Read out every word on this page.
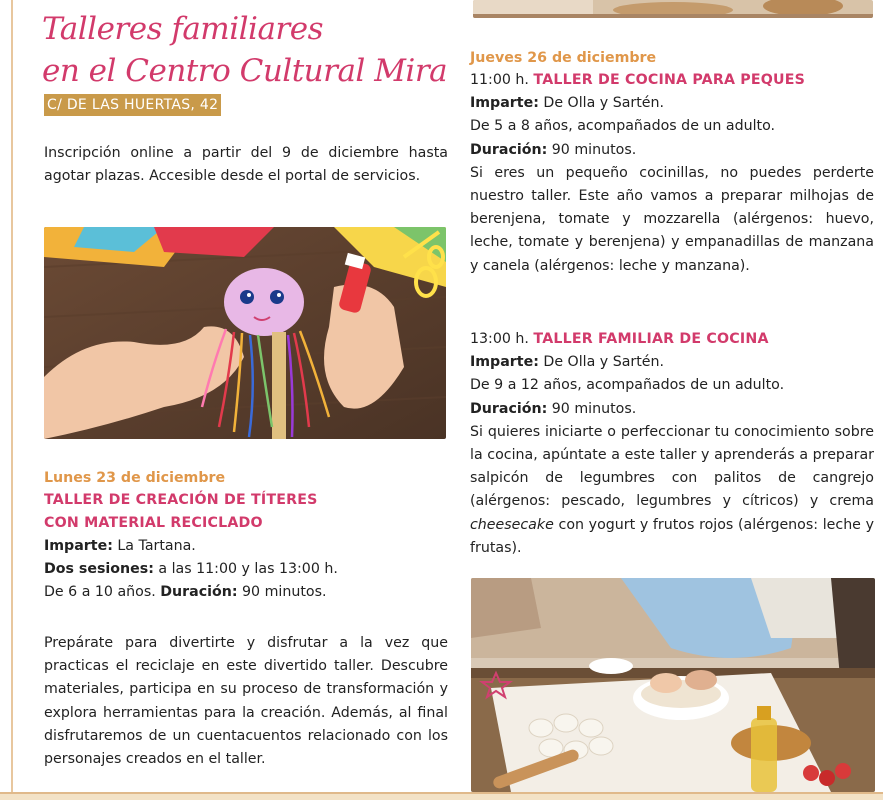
Talleres familiares
en el Centro Cultural Mira
C/ DE LAS HUERTAS, 42
Inscripción online a partir del 9 de diciembre hasta agotar plazas. Accesible desde el portal de servicios.
Lunes 23 de diciembre
TALLER DE CREACIÓN DE TÍTERES
CON MATERIAL RECICLADO
Imparte: La Tartana.
Dos sesiones: a las 11:00 y las 13:00 h.
De 6 a 10 años. Duración: 90 minutos.
Prepárate para divertirte y disfrutar a la vez que practicas el reciclaje en este divertido taller. Descubre materiales, participa en su proceso de transformación y explora herramientas para la creación. Además, al final disfrutaremos de un cuentacuentos relacionado con los personajes creados en el taller.
Jueves 26 de diciembre
11:00 h. TALLER DE COCINA PARA PEQUES
Imparte: De Olla y Sartén.
De 5 a 8 años, acompañados de un adulto.
Duración: 90 minutos.
Si eres un pequeño cocinillas, no puedes perderte nuestro taller. Este año vamos a preparar milhojas de berenjena, tomate y mozzarella (alérgenos: huevo, leche, tomate y berenjena) y empanadillas de manzana y canela (alérgenos: leche y manzana).
13:00 h. TALLER FAMILIAR DE COCINA
Imparte: De Olla y Sartén.
De 9 a 12 años, acompañados de un adulto.
Duración: 90 minutos.
Si quieres iniciarte o perfeccionar tu conocimiento sobre la cocina, apúntate a este taller y aprenderás a preparar salpicón de legumbres con palitos de cangrejo (alérgenos: pescado, legumbres y cítricos) y crema cheesecake con yogurt y frutos rojos (alérgenos: leche y frutas).
